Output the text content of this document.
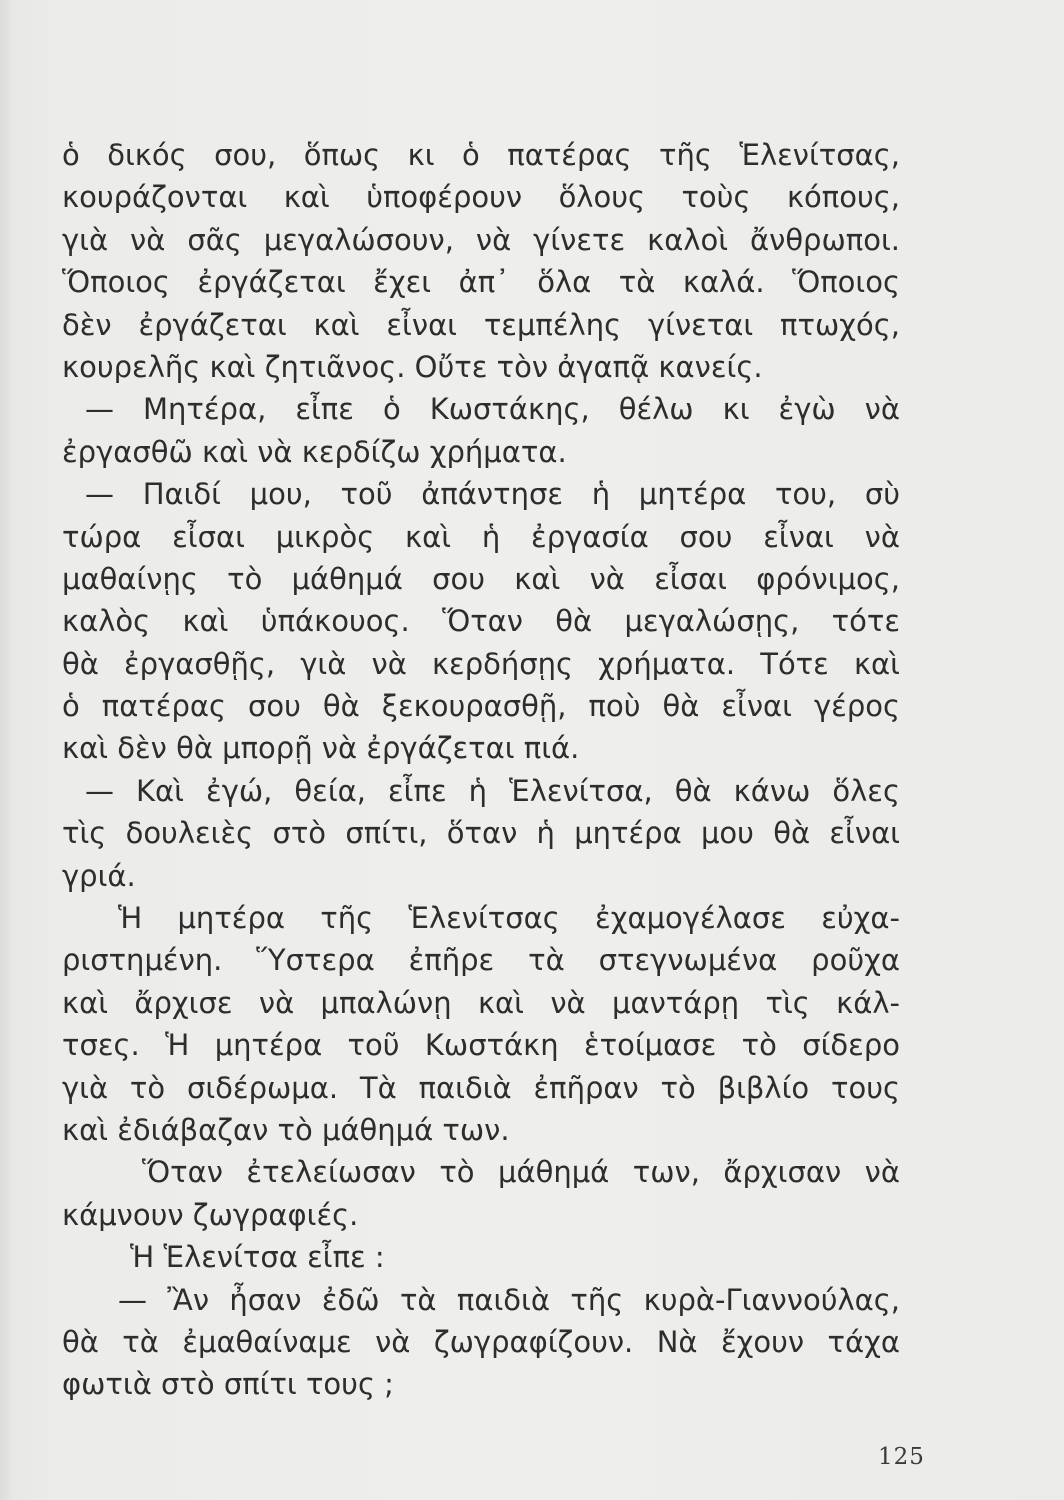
ὁ δικός σου, ὅπως κι ὁ πατέρας τῆς Ἑλενίτσας,
κουράζονται καὶ ὑποφέρουν ὅλους τοὺς κόπους,
γιὰ νὰ σᾶς μεγαλώσουν, νὰ γίνετε καλοὶ ἄνθρωποι.
Ὅποιος ἐργάζεται ἔχει ἀπ᾽ ὅλα τὰ καλά. Ὅποιος
δὲν ἐργάζεται καὶ εἶναι τεμπέλης γίνεται πτωχός,
κουρελῆς καὶ ζητιᾶνος. Οὔτε τὸν ἀγαπᾷ κανείς.
— Μητέρα, εἶπε ὁ Κωστάκης, θέλω κι ἐγὼ νὰ
ἐργασθῶ καὶ νὰ κερδίζω χρήματα.
— Παιδί μου, τοῦ ἀπάντησε ἡ μητέρα του, σὺ
τώρα εἶσαι μικρὸς καὶ ἡ ἐργασία σου εἶναι νὰ
μαθαίνῃς τὸ μάθημά σου καὶ νὰ εἶσαι φρόνιμος,
καλὸς καὶ ὑπάκουος. Ὅταν θὰ μεγαλώσῃς, τότε
θὰ ἐργασθῇς, γιὰ νὰ κερδήσῃς χρήματα. Τότε καὶ
ὁ πατέρας σου θὰ ξεκουρασθῇ, ποὺ θὰ εἶναι γέρος
καὶ δὲν θὰ μπορῇ νὰ ἐργάζεται πιά.
— Καὶ ἐγώ, θεία, εἶπε ἡ Ἑλενίτσα, θὰ κάνω ὅλες
τὶς δουλειὲς στὸ σπίτι, ὅταν ἡ μητέρα μου θὰ εἶναι
γριά.
Ἡ μητέρα τῆς Ἑλενίτσας ἐχαμογέλασε εὐχα-
ριστημένη. Ὕστερα ἐπῆρε τὰ στεγνωμένα ροῦχα
καὶ ἄρχισε νὰ μπαλώνῃ καὶ νὰ μαντάρῃ τὶς κάλ-
τσες. Ἡ μητέρα τοῦ Κωστάκη ἑτοίμασε τὸ σίδερο
γιὰ τὸ σιδέρωμα. Τὰ παιδιὰ ἐπῆραν τὸ βιβλίο τους
καὶ ἐδιάβαζαν τὸ μάθημά των.
Ὅταν ἐτελείωσαν τὸ μάθημά των, ἄρχισαν νὰ
κάμνουν ζωγραφιές.
Ἡ Ἑλενίτσα εἶπε :
— Ἂν ἦσαν ἐδῶ τὰ παιδιὰ τῆς κυρὰ-Γιαννούλας,
θὰ τὰ ἐμαθαίναμε νὰ ζωγραφίζουν. Νὰ ἔχουν τάχα
φωτιὰ στὸ σπίτι τους ;
125
